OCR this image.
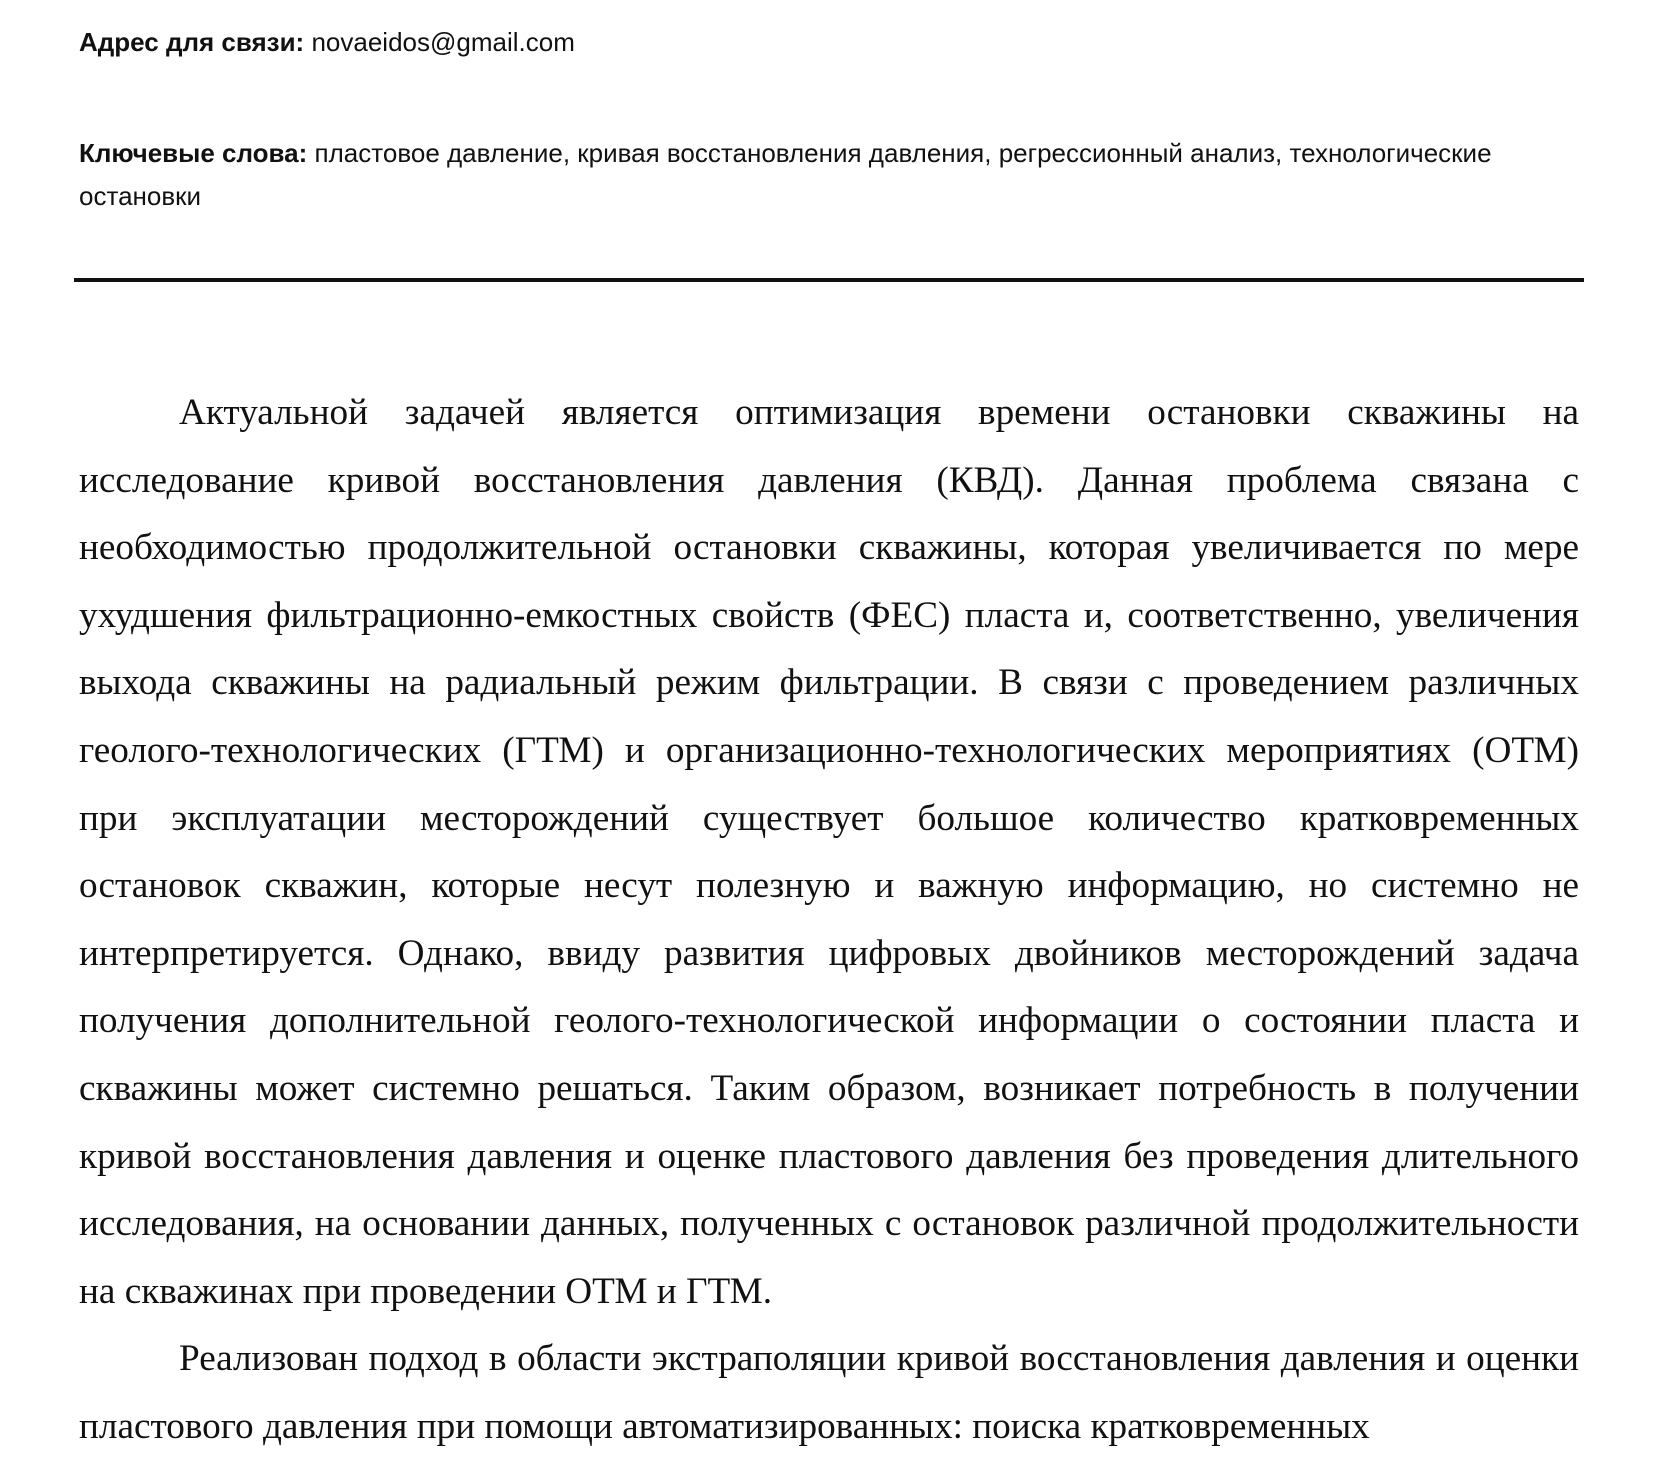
Адрес для связи: novaeidos@gmail.com
Ключевые слова: пластовое давление, кривая восстановления давления, регрессионный анализ, технологические остановки

Актуальной задачей является оптимизация времени остановки скважины на исследование кривой восстановления давления (КВД). Данная проблема связана с необходимостью продолжительной остановки скважины, которая увеличивается по мере ухудшения фильтрационно-емкостных свойств (ФЕС) пласта и, соответственно, увеличения выхода скважины на радиальный режим фильтрации. В связи с проведением различных геолого-технологических (ГТМ) и организационно-технологических мероприятиях (ОТМ) при эксплуатации месторождений существует большое количество кратковременных остановок скважин, которые несут полезную и важную информацию, но системно не интерпретируется. Однако, ввиду развития цифровых двойников месторождений задача получения дополнительной геолого-технологической информации о состоянии пласта и скважины может системно решаться. Таким образом, возникает потребность в получении кривой восстановления давления и оценке пластового давления без проведения длительного исследования, на основании данных, полученных с остановок различной продолжительности на скважинах при проведении ОТМ и ГТМ.

Реализован подход в области экстраполяции кривой восстановления давления и оценки пластового давления при помощи автоматизированных: поиска кратковременных
